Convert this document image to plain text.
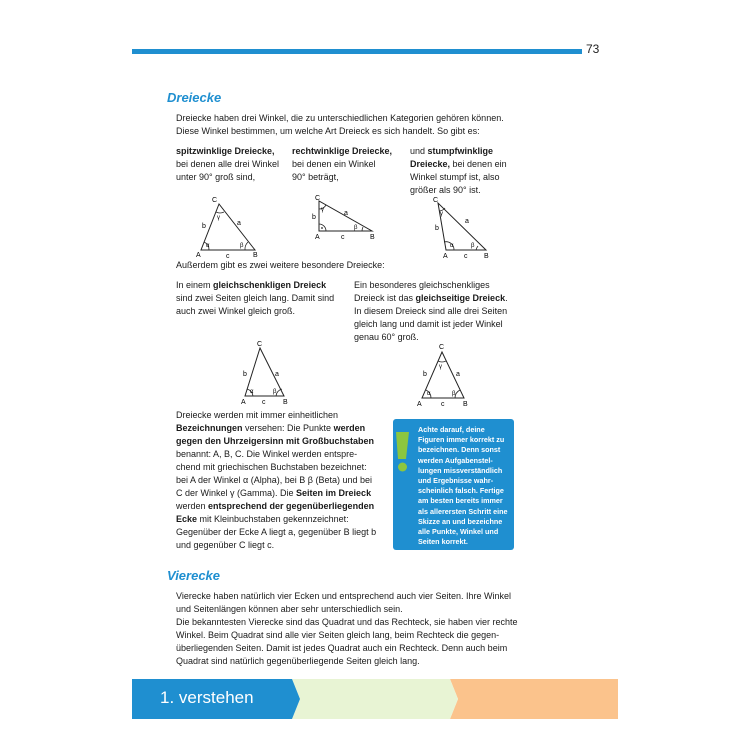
73
Dreiecke
Dreiecke haben drei Winkel, die zu unterschiedlichen Kategorien gehören können.
Diese Winkel bestimmen, um welche Art Dreieck es sich handelt. So gibt es:
spitzwinklige Dreiecke,
bei denen alle drei Winkel
unter 90° groß sind,
rechtwinklige Dreiecke,
bei denen ein Winkel
90° beträgt,
und stumpfwinklige
Dreiecke, bei denen ein
Winkel stumpf ist, also
größer als 90° ist.
C
A	B
b	a
c
α	β
γ
C
A	B
b
a
c
γ
β
C
A	B
b
a
c
α	β
γ
Außerdem gibt es zwei weitere besondere Dreiecke:
In einem gleichschenkligen Dreieck
sind zwei Seiten gleich lang. Damit sind
auch zwei Winkel gleich groß.
Ein besonderes gleichschenkliges
Dreieck ist das gleichseitige Dreieck.
In diesem Dreieck sind alle drei Seiten
gleich lang und damit ist jeder Winkel
genau 60° groß.
C
A	B
b	a
c
α	β
C
A	B
b	a
c
α	β
γ
Dreiecke werden mit immer einheitlichen
Bezeichnungen versehen: Die Punkte werden
gegen den Uhrzeigersinn mit Großbuchstaben
benannt: A, B, C. Die Winkel werden entspre-
chend mit griechischen Buchstaben bezeichnet:
bei A der Winkel α (Alpha), bei B β (Beta) und bei
C der Winkel γ (Gamma). Die Seiten im Dreieck
werden entsprechend der gegenüberliegenden
Ecke mit Kleinbuchstaben gekennzeichnet:
Gegenüber der Ecke A liegt a, gegenüber B liegt b
und gegenüber C liegt c.
Achte darauf, deine
Figuren immer korrekt zu
bezeichnen. Denn sonst
werden Aufgabenstel-
lungen missverständlich
und Ergebnisse wahr-
scheinlich falsch. Fertige
am besten bereits immer
als allerersten Schritt eine
Skizze an und bezeichne
alle Punkte, Winkel und
Seiten korrekt.
Vierecke
Vierecke haben natürlich vier Ecken und entsprechend auch vier Seiten. Ihre Winkel
und Seitenlängen können aber sehr unterschiedlich sein.
Die bekanntesten Vierecke sind das Quadrat und das Rechteck, sie haben vier rechte
Winkel. Beim Quadrat sind alle vier Seiten gleich lang, beim Rechteck die gegen-
überliegenden Seiten. Damit ist jedes Quadrat auch ein Rechteck. Denn auch beim
Quadrat sind natürlich gegenüberliegende Seiten gleich lang.
1. verstehen
